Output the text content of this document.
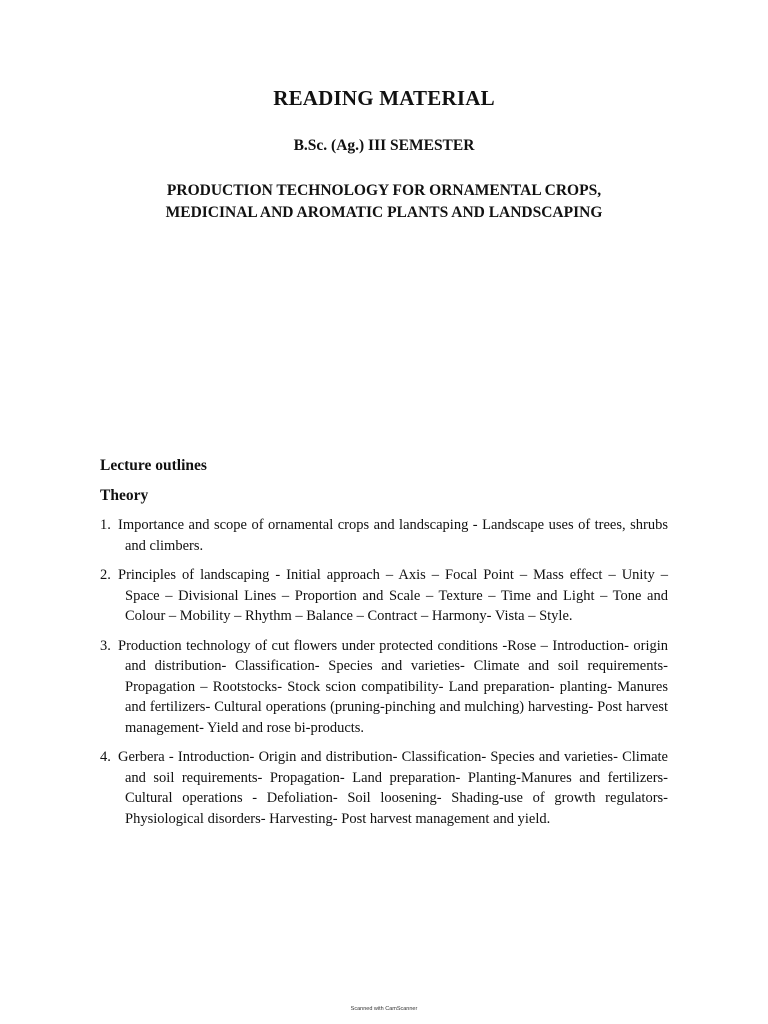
READING MATERIAL
B.Sc. (Ag.) III SEMESTER
PRODUCTION TECHNOLOGY FOR ORNAMENTAL CROPS,
MEDICINAL AND AROMATIC PLANTS AND LANDSCAPING
Lecture outlines
Theory
1. Importance and scope of ornamental crops and landscaping - Landscape uses of trees, shrubs and climbers.
2. Principles of landscaping - Initial approach – Axis – Focal Point – Mass effect – Unity – Space – Divisional Lines – Proportion and Scale – Texture – Time and Light – Tone and Colour – Mobility – Rhythm – Balance – Contract – Harmony- Vista – Style.
3. Production technology of cut flowers under protected conditions -Rose – Introduction- origin and distribution- Classification- Species and varieties- Climate and soil requirements- Propagation – Rootstocks- Stock scion compatibility- Land preparation- planting- Manures and fertilizers- Cultural operations (pruning-pinching and mulching) harvesting- Post harvest management- Yield and rose bi-products.
4. Gerbera - Introduction- Origin and distribution- Classification- Species and varieties- Climate and soil requirements- Propagation- Land preparation- Planting-Manures and fertilizers- Cultural operations - Defoliation- Soil loosening- Shading-use of growth regulators- Physiological disorders- Harvesting- Post harvest management and yield.
Scanned with CamScanner
